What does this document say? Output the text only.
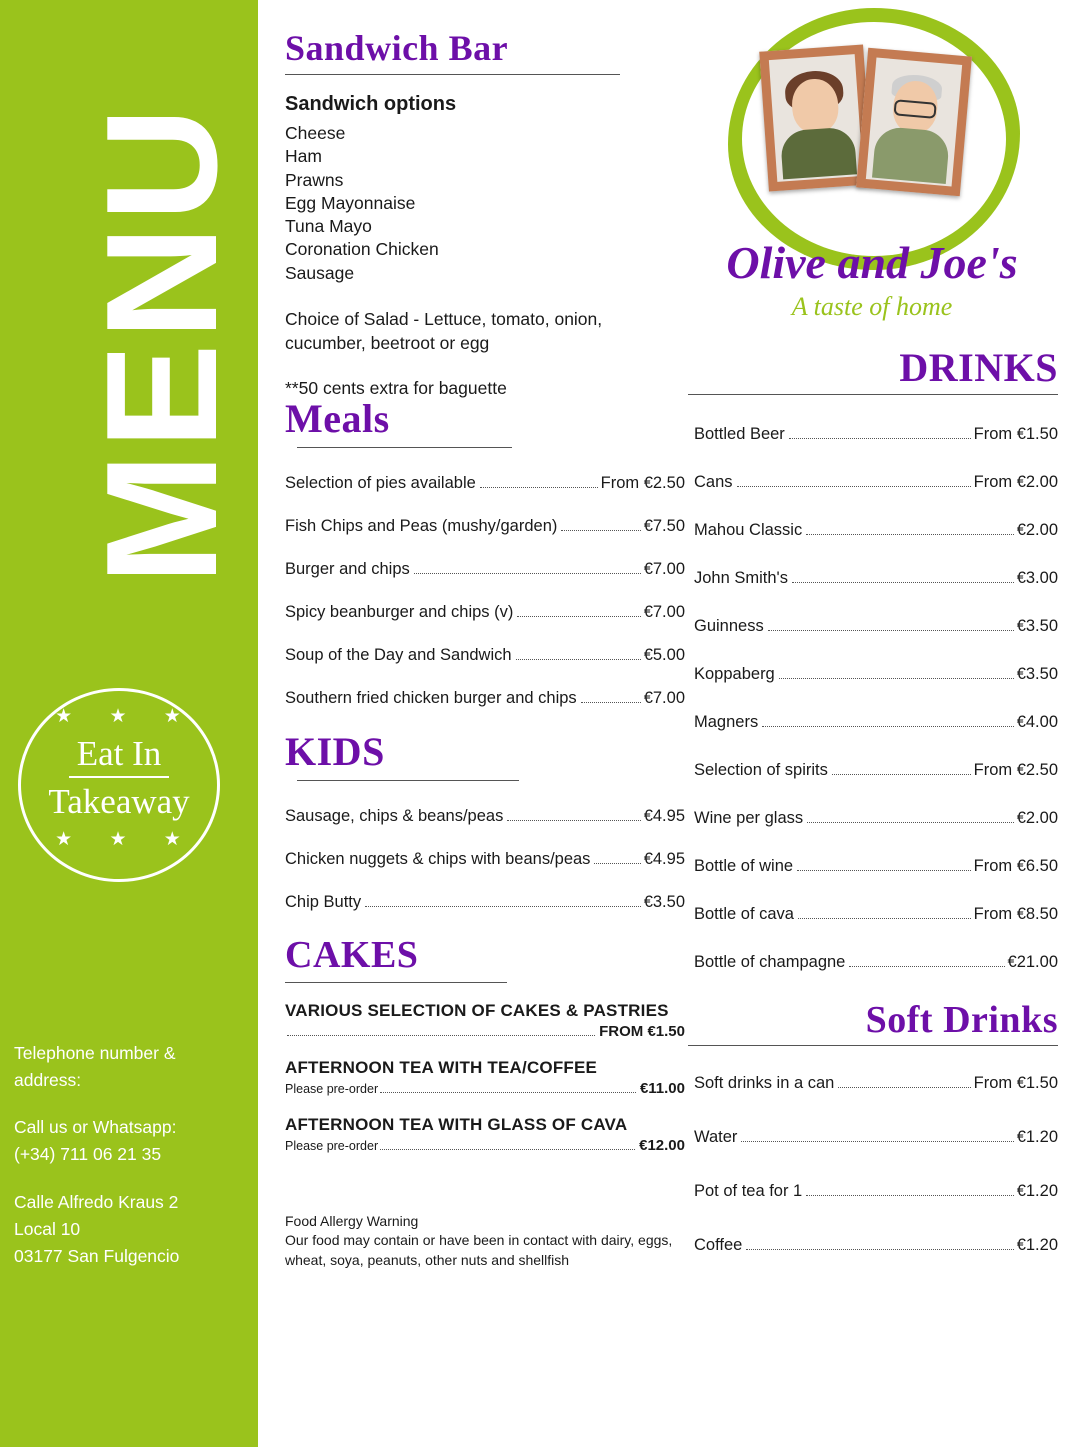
MENU
★ ★ ★
Eat In
Takeaway
★ ★ ★

Telephone number & address:

Call us or Whatsapp:
(+34) 711 06 21 35

Calle Alfredo Kraus 2
Local 10
03177 San Fulgencio

Sandwich Bar
Sandwich options
Cheese
Ham
Prawns
Egg Mayonnaise
Tuna Mayo
Coronation Chicken
Sausage
Choice of Salad - Lettuce, tomato, onion, cucumber, beetroot or egg
**50 cents extra for baguette
Meals
Selection of pies available	From €2.50
Fish Chips and Peas (mushy/garden)	€7.50
Burger and chips	€7.00
Spicy beanburger and chips (v)	€7.00
Soup of the Day and Sandwich	€5.00
Southern fried chicken burger and chips	€7.00
KIDS
Sausage, chips & beans/peas	€4.95
Chicken nuggets & chips with beans/peas	€4.95
Chip Butty	€3.50
CAKES
VARIOUS SELECTION OF CAKES & PASTRIES
FROM €1.50
AFTERNOON TEA WITH TEA/COFFEE
Please pre-order	€11.00
AFTERNOON TEA WITH GLASS OF CAVA
Please pre-order	€12.00
Food Allergy Warning
Our food may contain or have been in contact with dairy, eggs, wheat, soya, peanuts, other nuts and shellfish
Olive and Joe's
A taste of home
DRINKS
Bottled Beer	From €1.50
Cans	From €2.00
Mahou Classic	€2.00
John Smith's	€3.00
Guinness	€3.50
Koppaberg	€3.50
Magners	€4.00
Selection of spirits	From €2.50
Wine per glass	€2.00
Bottle of wine	From €6.50
Bottle of cava	From €8.50
Bottle of champagne	€21.00
Soft Drinks
Soft drinks in a can	From €1.50
Water	€1.20
Pot of tea for 1	€1.20
Coffee	€1.20
